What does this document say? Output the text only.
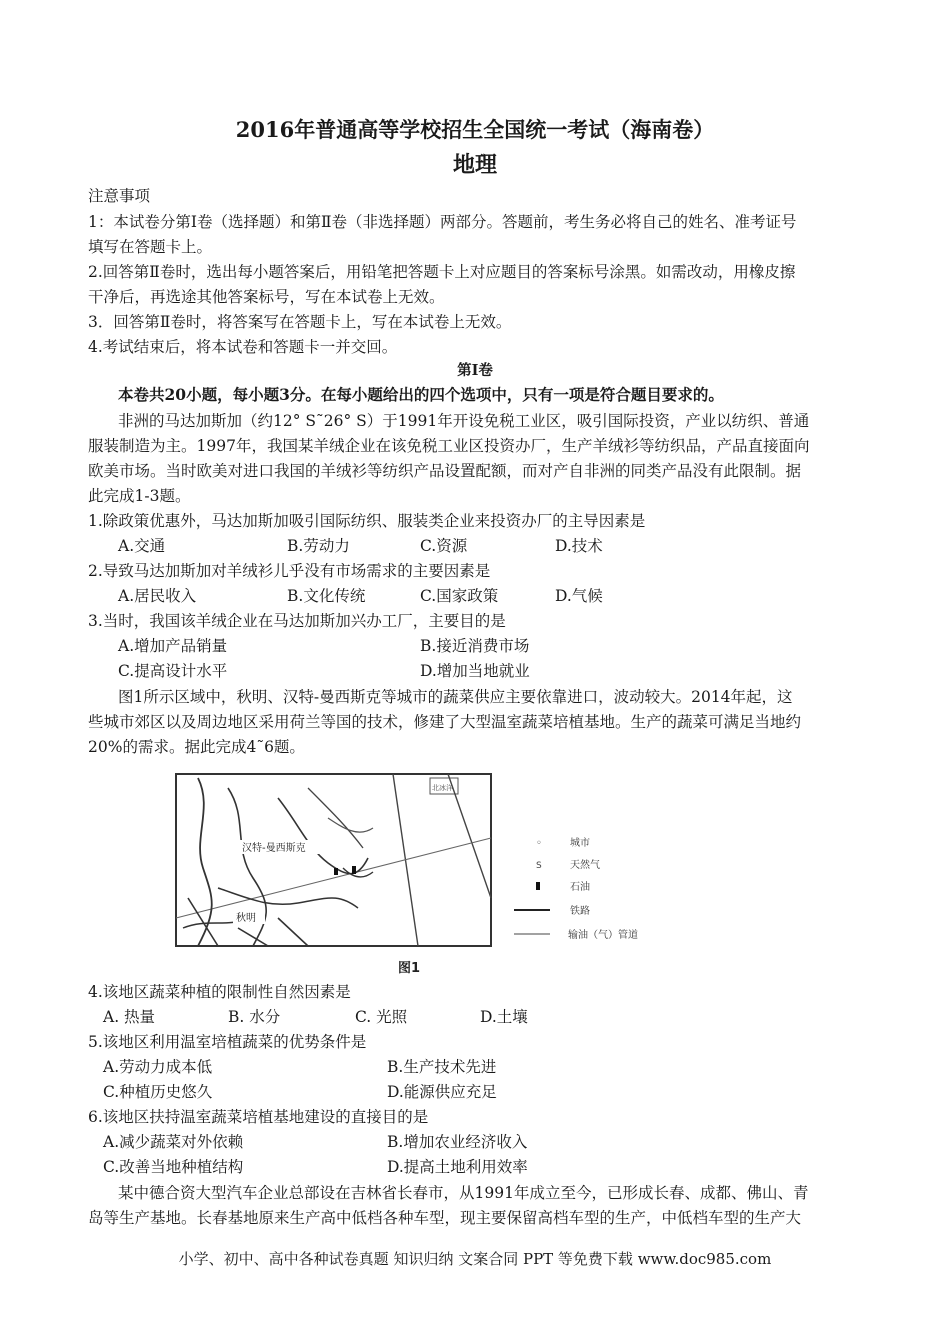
2016年普通高等学校招生全国统一考试（海南卷）
地理
注意事项
1：本试卷分第Ⅰ卷（选择题）和第Ⅱ卷（非选择题）两部分。答题前，考生务必将自己的姓名、准考证号
填写在答题卡上。
2.回答第Ⅱ卷时，选出每小题答案后，用铅笔把答题卡上对应题目的答案标号涂黑。如需改动，用橡皮擦
干净后，再选途其他答案标号，写在本试卷上无效。
3．回答第Ⅱ卷时，将答案写在答题卡上，写在本试卷上无效。
4.考试结束后，将本试卷和答题卡一并交回。
第Ⅰ卷
本卷共20小题，每小题3分。在每小题给出的四个选项中，只有一项是符合题目要求的。
非洲的马达加斯加（约12° S˜26° S）于1991年开设免税工业区，吸引国际投资，产业以纺织、普通
服装制造为主。1997年，我国某羊绒企业在该免税工业区投资办厂，生产羊绒衫等纺织品，产品直接面向
欧美市场。当时欧美对进口我国的羊绒衫等纺织产品设置配额，而对产自非洲的同类产品没有此限制。据
此完成1-3题。
1.除政策优惠外，马达加斯加吸引国际纺织、服装类企业来投资办厂的主导因素是
A.交通	B.劳动力	C.资源	D.技术
2.导致马达加斯加对羊绒衫儿乎没有市场需求的主要因素是
A.居民收入	B.文化传统	C.国家政策	D.气候
3.当时，我国该羊绒企业在马达加斯加兴办工厂，主要目的是
A.增加产品销量	B.接近消费市场
C.提高设计水平	D.增加当地就业
图1所示区域中，秋明、汉特-曼西斯克等城市的蔬菜供应主要依靠进口，波动较大。2014年起，这
些城市郊区以及周边地区采用荷兰等国的技术，修建了大型温室蔬菜培植基地。生产的蔬菜可满足当地约
20%的需求。据此完成4˜6题。
北冰洋
汉特-曼西斯克
秋明
◦	城市
S	天然气
石油
铁路
输油（气）管道
图1
4.该地区蔬菜种植的限制性自然因素是
A. 热量	B. 水分	C. 光照	D.土壤
5.该地区利用温室培植蔬菜的优势条件是
A.劳动力成本低	B.生产技术先进
C.种植历史悠久	D.能源供应充足
6.该地区扶持温室蔬菜培植基地建设的直接目的是
A.减少蔬菜对外依赖	B.增加农业经济收入
C.改善当地种植结构	D.提高土地利用效率
某中德合资大型汽车企业总部设在吉林省长春市，从1991年成立至今，已形成长春、成都、佛山、青
岛等生产基地。长春基地原来生产高中低档各种车型，现主要保留高档车型的生产，中低档车型的生产大
小学、初中、高中各种试卷真题 知识归纳 文案合同 PPT 等免费下载 www.doc985.com
